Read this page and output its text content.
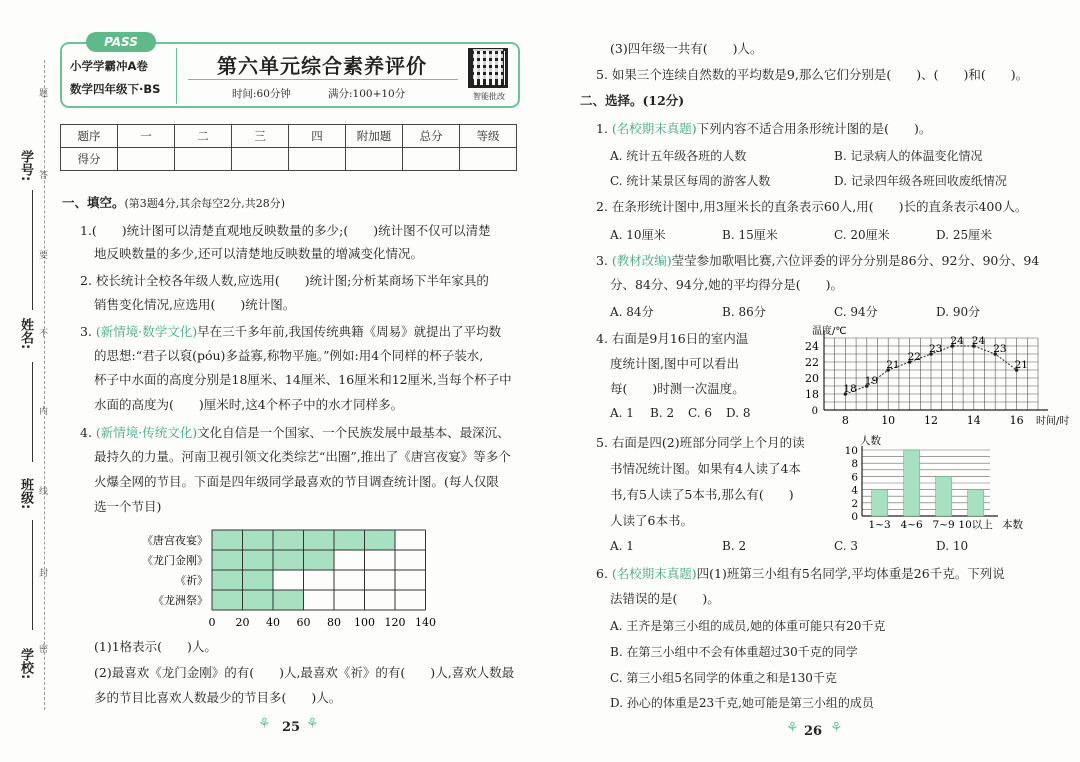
学号:
姓名:
班级:
学校:
题
答
要
不
内
线
封
密
PASS
小学学霸冲A卷
数学四年级下·BS
第六单元综合素养评价
时间:60分钟	满分:100+10分	智能批改
题序	一	二	三	四	附加题	总分	等级
得分							
一、填空。(第3题4分,其余每空2分,共28分)
1.(　　)统计图可以清楚直观地反映数量的多少;(　　)统计图不仅可以清楚
地反映数量的多少,还可以清楚地反映数量的增减变化情况。
2. 校长统计全校各年级人数,应选用(　　)统计图;分析某商场下半年家具的
销售变化情况,应选用(　　)统计图。
3. (新情境·数学文化)早在三千多年前,我国传统典籍《周易》就提出了平均数
的思想:“君子以裒(póu)多益寡,称物平施。”例如:用4个同样的杯子装水,
杯子中水面的高度分别是18厘米、14厘米、16厘米和12厘米,当每个杯子中
水面的高度为(　　)厘米时,这4个杯子中的水才同样多。
4. (新情境·传统文化)文化自信是一个国家、一个民族发展中最基本、最深沉、
最持久的力量。河南卫视引领文化类综艺“出圈”,推出了《唐宫夜宴》等多个
火爆全网的节目。下面是四年级同学最喜欢的节目调查统计图。(每人仅限
选一个节目)
《唐宫夜宴》
《龙门金刚》
《祈》
《龙洲祭》
0 20 40 60 80 100 120 140
(1)1格表示(　　)人。
(2)最喜欢《龙门金刚》的有(　　)人,最喜欢《祈》的有(　　)人,喜欢人数最
多的节目比喜欢人数最少的节目多(　　)人。
⚘ 25 ⚘
(3)四年级一共有(　　)人。
5. 如果三个连续自然数的平均数是9,那么它们分别是(　　)、(　　)和(　　)。
二、选择。(12分)
1. (名校期末真题)下列内容不适合用条形统计图的是(　　)。
A. 统计五年级各班的人数	B. 记录病人的体温变化情况
C. 统计某景区每周的游客人数	D. 记录四年级各班回收废纸情况
2. 在条形统计图中,用3厘米长的直条表示60人,用(　　)长的直条表示400人。
A. 10厘米	B. 15厘米	C. 20厘米	D. 25厘米
3. (教材改编)莹莹参加歌唱比赛,六位评委的评分分别是86分、92分、90分、94
分、84分、94分,她的平均得分是(　　)。
A. 84分	B. 86分	C. 94分	D. 90分
4. 右面是9月16日的室内温
度统计图,图中可以看出
每(　　)时测一次温度。
A. 1 B. 2 C. 6 D. 8
18
20
22
24
0
8	10	12	14	16
温度/℃
时间/时
18
19
21
22
23
24 24
23
21
5. 右面是四(2)班部分同学上个月的读
书情况统计图。如果有4人读了4本
书,有5人读了5本书,那么有(　　)
人读了6本书。
A. 1	B. 2	C. 3	D. 10
0
2
4
6
8
10
1~3 4~6 7~9 10以上
人数
本数
6. (名校期末真题)四(1)班第三小组有5名同学,平均体重是26千克。下列说
法错误的是(　　)。
A. 王齐是第三小组的成员,她的体重可能只有20千克
B. 在第三小组中不会有体重超过30千克的同学
C. 第三小组5名同学的体重之和是130千克
D. 孙心的体重是23千克,她可能是第三小组的成员
⚘ 26 ⚘
